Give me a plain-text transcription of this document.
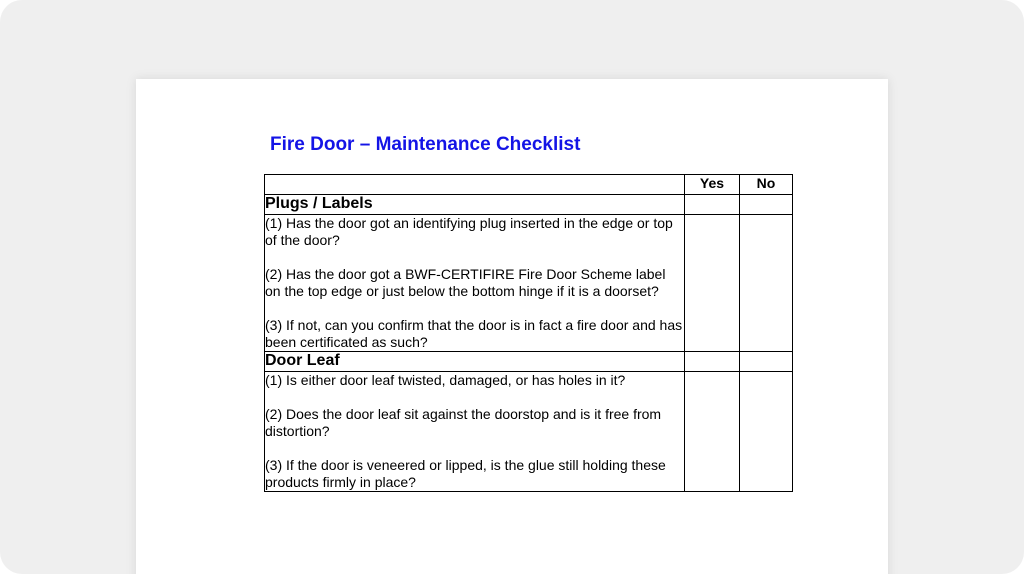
Fire Door – Maintenance Checklist
	Yes	No
Plugs / Labels		

(1) Has the door got an identifying plug inserted in the edge or top of the door?

(2) Has the door got a BWF-CERTIFIRE Fire Door Scheme label on the top edge or just below the bottom hinge if it is a doorset?

(3) If not, can you confirm that the door is in fact a fire door and has been certificated as such?		

Door Leaf		

(1) Is either door leaf twisted, damaged, or has holes in it?

(2) Does the door leaf sit against the doorstop and is it free from distortion?

(3) If the door is veneered or lipped, is the glue still holding these products firmly in place?		
